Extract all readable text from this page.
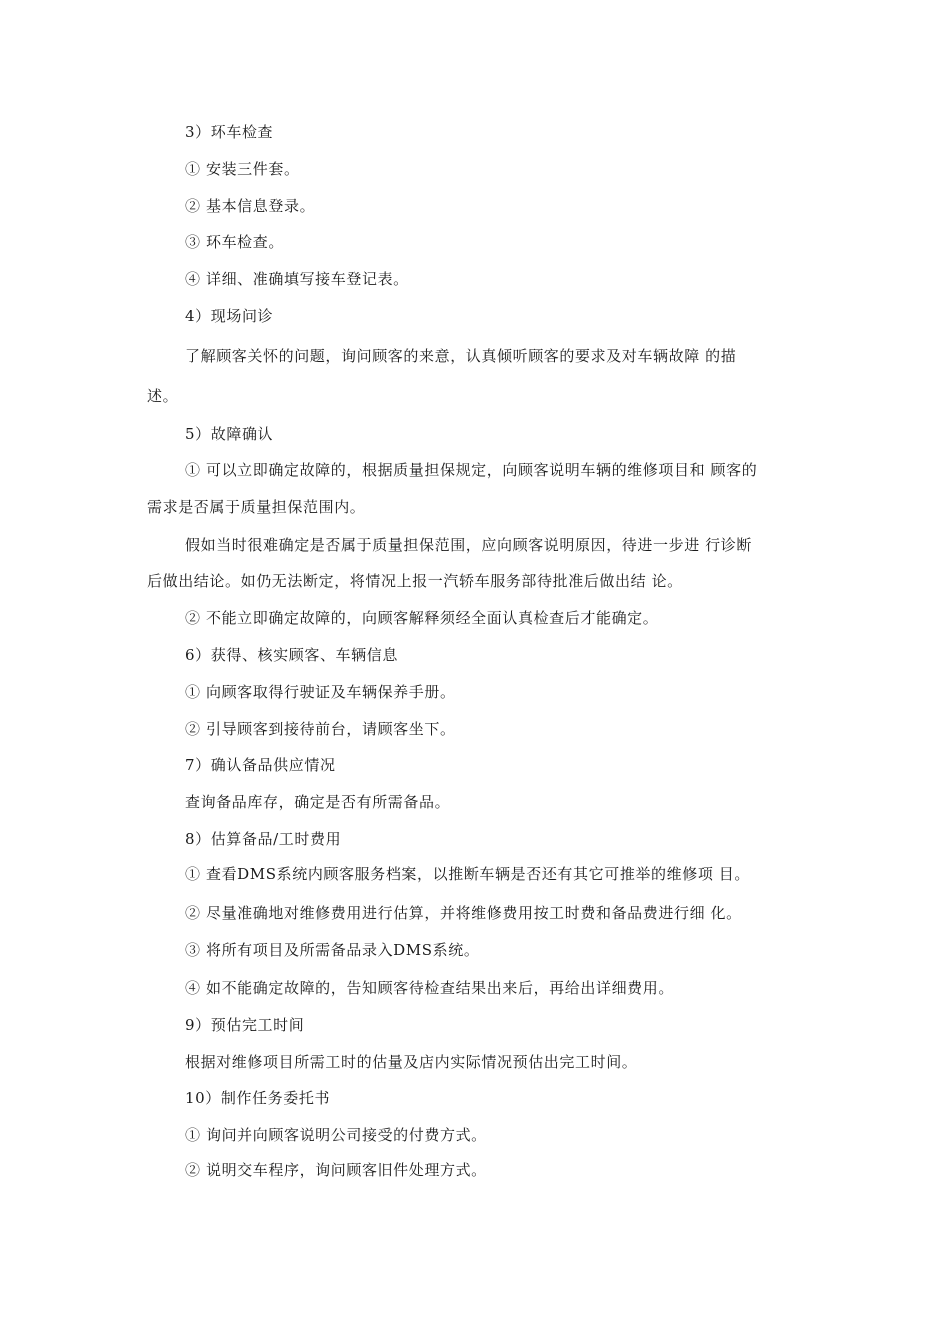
3）环车检查
① 安装三件套。
② 基本信息登录。
③ 环车检查。
④ 详细、准确填写接车登记表。
4）现场问诊
了解顾客关怀的问题，询问顾客的来意，认真倾听顾客的要求及对车辆故障 的描
述。
5）故障确认
① 可以立即确定故障的，根据质量担保规定，向顾客说明车辆的维修项目和 顾客的
需求是否属于质量担保范围内。
假如当时很难确定是否属于质量担保范围，应向顾客说明原因，待进一步进 行诊断
后做出结论。如仍无法断定，将情况上报一汽轿车服务部待批准后做出结 论。
② 不能立即确定故障的，向顾客解释须经全面认真检查后才能确定。
6）获得、核实顾客、车辆信息
① 向顾客取得行驶证及车辆保养手册。
② 引导顾客到接待前台，请顾客坐下。
7）确认备品供应情况
查询备品库存，确定是否有所需备品。
8）估算备品/工时费用
① 查看DMS系统内顾客服务档案，以推断车辆是否还有其它可推举的维修项 目。
② 尽量准确地对维修费用进行估算，并将维修费用按工时费和备品费进行细 化。
③ 将所有项目及所需备品录入DMS系统。
④ 如不能确定故障的，告知顾客待检查结果出来后，再给出详细费用。
9）预估完工时间
根据对维修项目所需工时的估量及店内实际情况预估出完工时间。
10）制作任务委托书
① 询问并向顾客说明公司接受的付费方式。
② 说明交车程序，询问顾客旧件处理方式。
